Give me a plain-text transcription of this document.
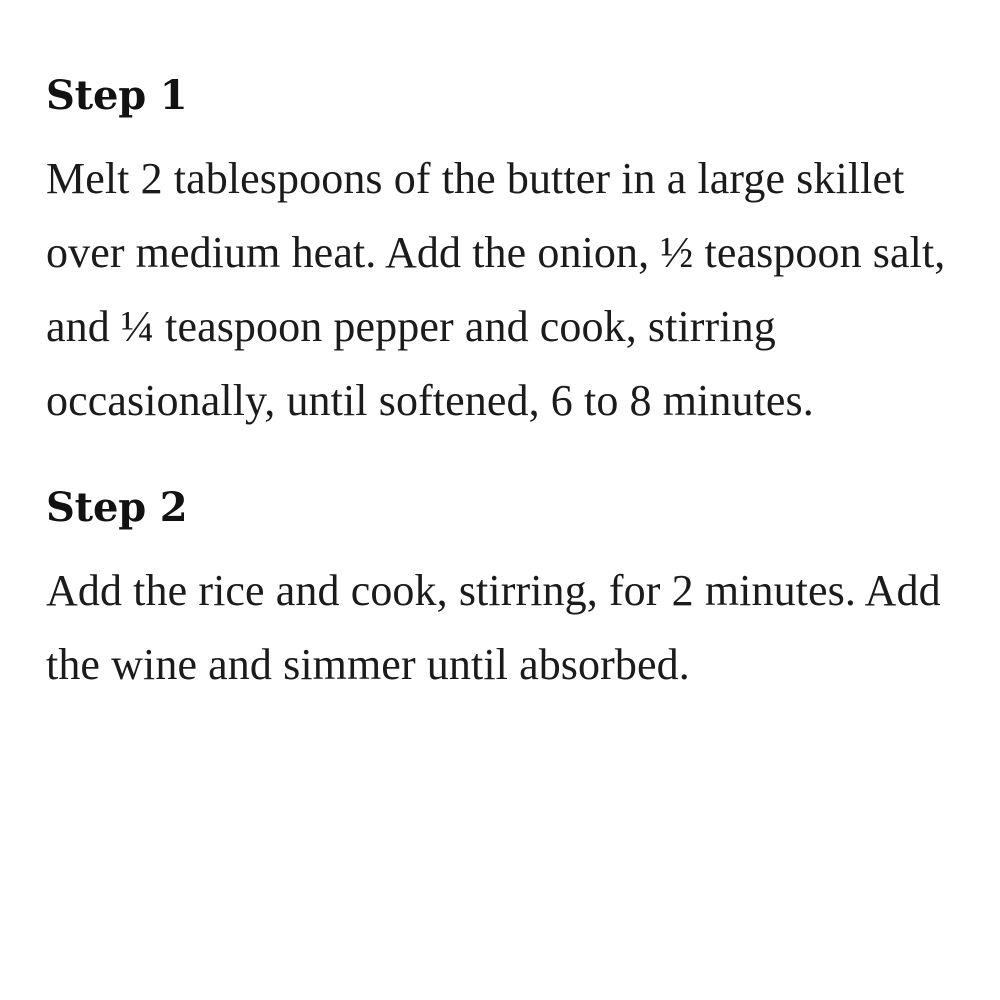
Step 1

Melt 2 tablespoons of the butter in a large skillet over medium heat. Add the onion, ½ teaspoon salt, and ¼ teaspoon pepper and cook, stirring occasionally, until softened, 6 to 8 minutes.

Step 2

Add the rice and cook, stirring, for 2 minutes. Add the wine and simmer until absorbed.
